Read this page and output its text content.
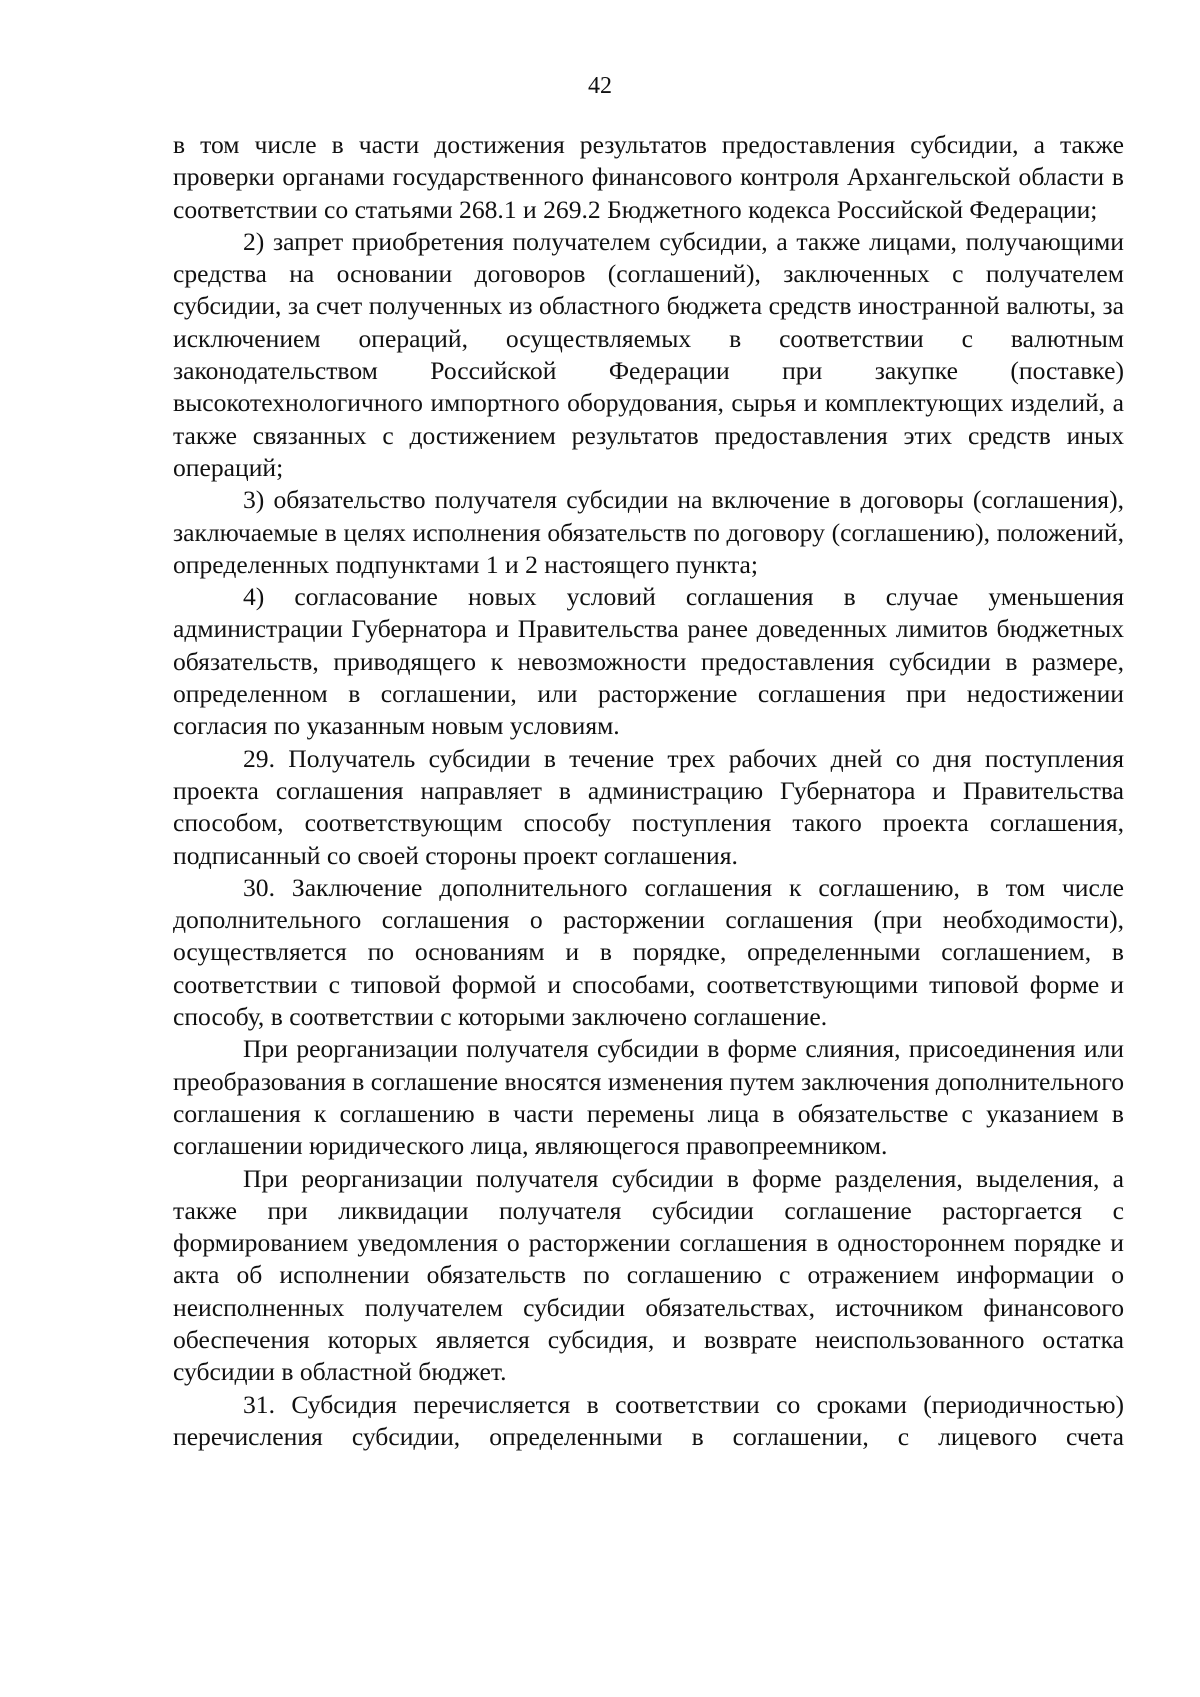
42

в том числе в части достижения результатов предоставления субсидии, а также проверки органами государственного финансового контроля Архангельской области в соответствии со статьями 268.1 и 269.2 Бюджетного кодекса Российской Федерации;

2) запрет приобретения получателем субсидии, а также лицами, получающими средства на основании договоров (соглашений), заключенных с получателем субсидии, за счет полученных из областного бюджета средств иностранной валюты, за исключением операций, осуществляемых в соответствии с валютным законодательством Российской Федерации при закупке (поставке) высокотехнологичного импортного оборудования, сырья и комплектующих изделий, а также связанных с достижением результатов предоставления этих средств иных операций;

3) обязательство получателя субсидии на включение в договоры (соглашения), заключаемые в целях исполнения обязательств по договору (соглашению), положений, определенных подпунктами 1 и 2 настоящего пункта;

4) согласование новых условий соглашения в случае уменьшения администрации Губернатора и Правительства ранее доведенных лимитов бюджетных обязательств, приводящего к невозможности предоставления субсидии в размере, определенном в соглашении, или расторжение соглашения при недостижении согласия по указанным новым условиям.

29. Получатель субсидии в течение трех рабочих дней со дня поступления проекта соглашения направляет в администрацию Губернатора и Правительства способом, соответствующим способу поступления такого проекта соглашения, подписанный со своей стороны проект соглашения.

30. Заключение дополнительного соглашения к соглашению, в том числе дополнительного соглашения о расторжении соглашения (при необходимости), осуществляется по основаниям и в порядке, определенными соглашением, в соответствии с типовой формой и способами, соответствующими типовой форме и способу, в соответствии с которыми заключено соглашение.

При реорганизации получателя субсидии в форме слияния, присоединения или преобразования в соглашение вносятся изменения путем заключения дополнительного соглашения к соглашению в части перемены лица в обязательстве с указанием в соглашении юридического лица, являющегося правопреемником.

При реорганизации получателя субсидии в форме разделения, выделения, а также при ликвидации получателя субсидии соглашение расторгается с формированием уведомления о расторжении соглашения в одностороннем порядке и акта об исполнении обязательств по соглашению с отражением информации о неисполненных получателем субсидии обязательствах, источником финансового обеспечения которых является субсидия, и возврате неиспользованного остатка субсидии в областной бюджет.

31. Субсидия перечисляется в соответствии со сроками (периодичностью) перечисления субсидии, определенными в соглашении, с лицевого счета
